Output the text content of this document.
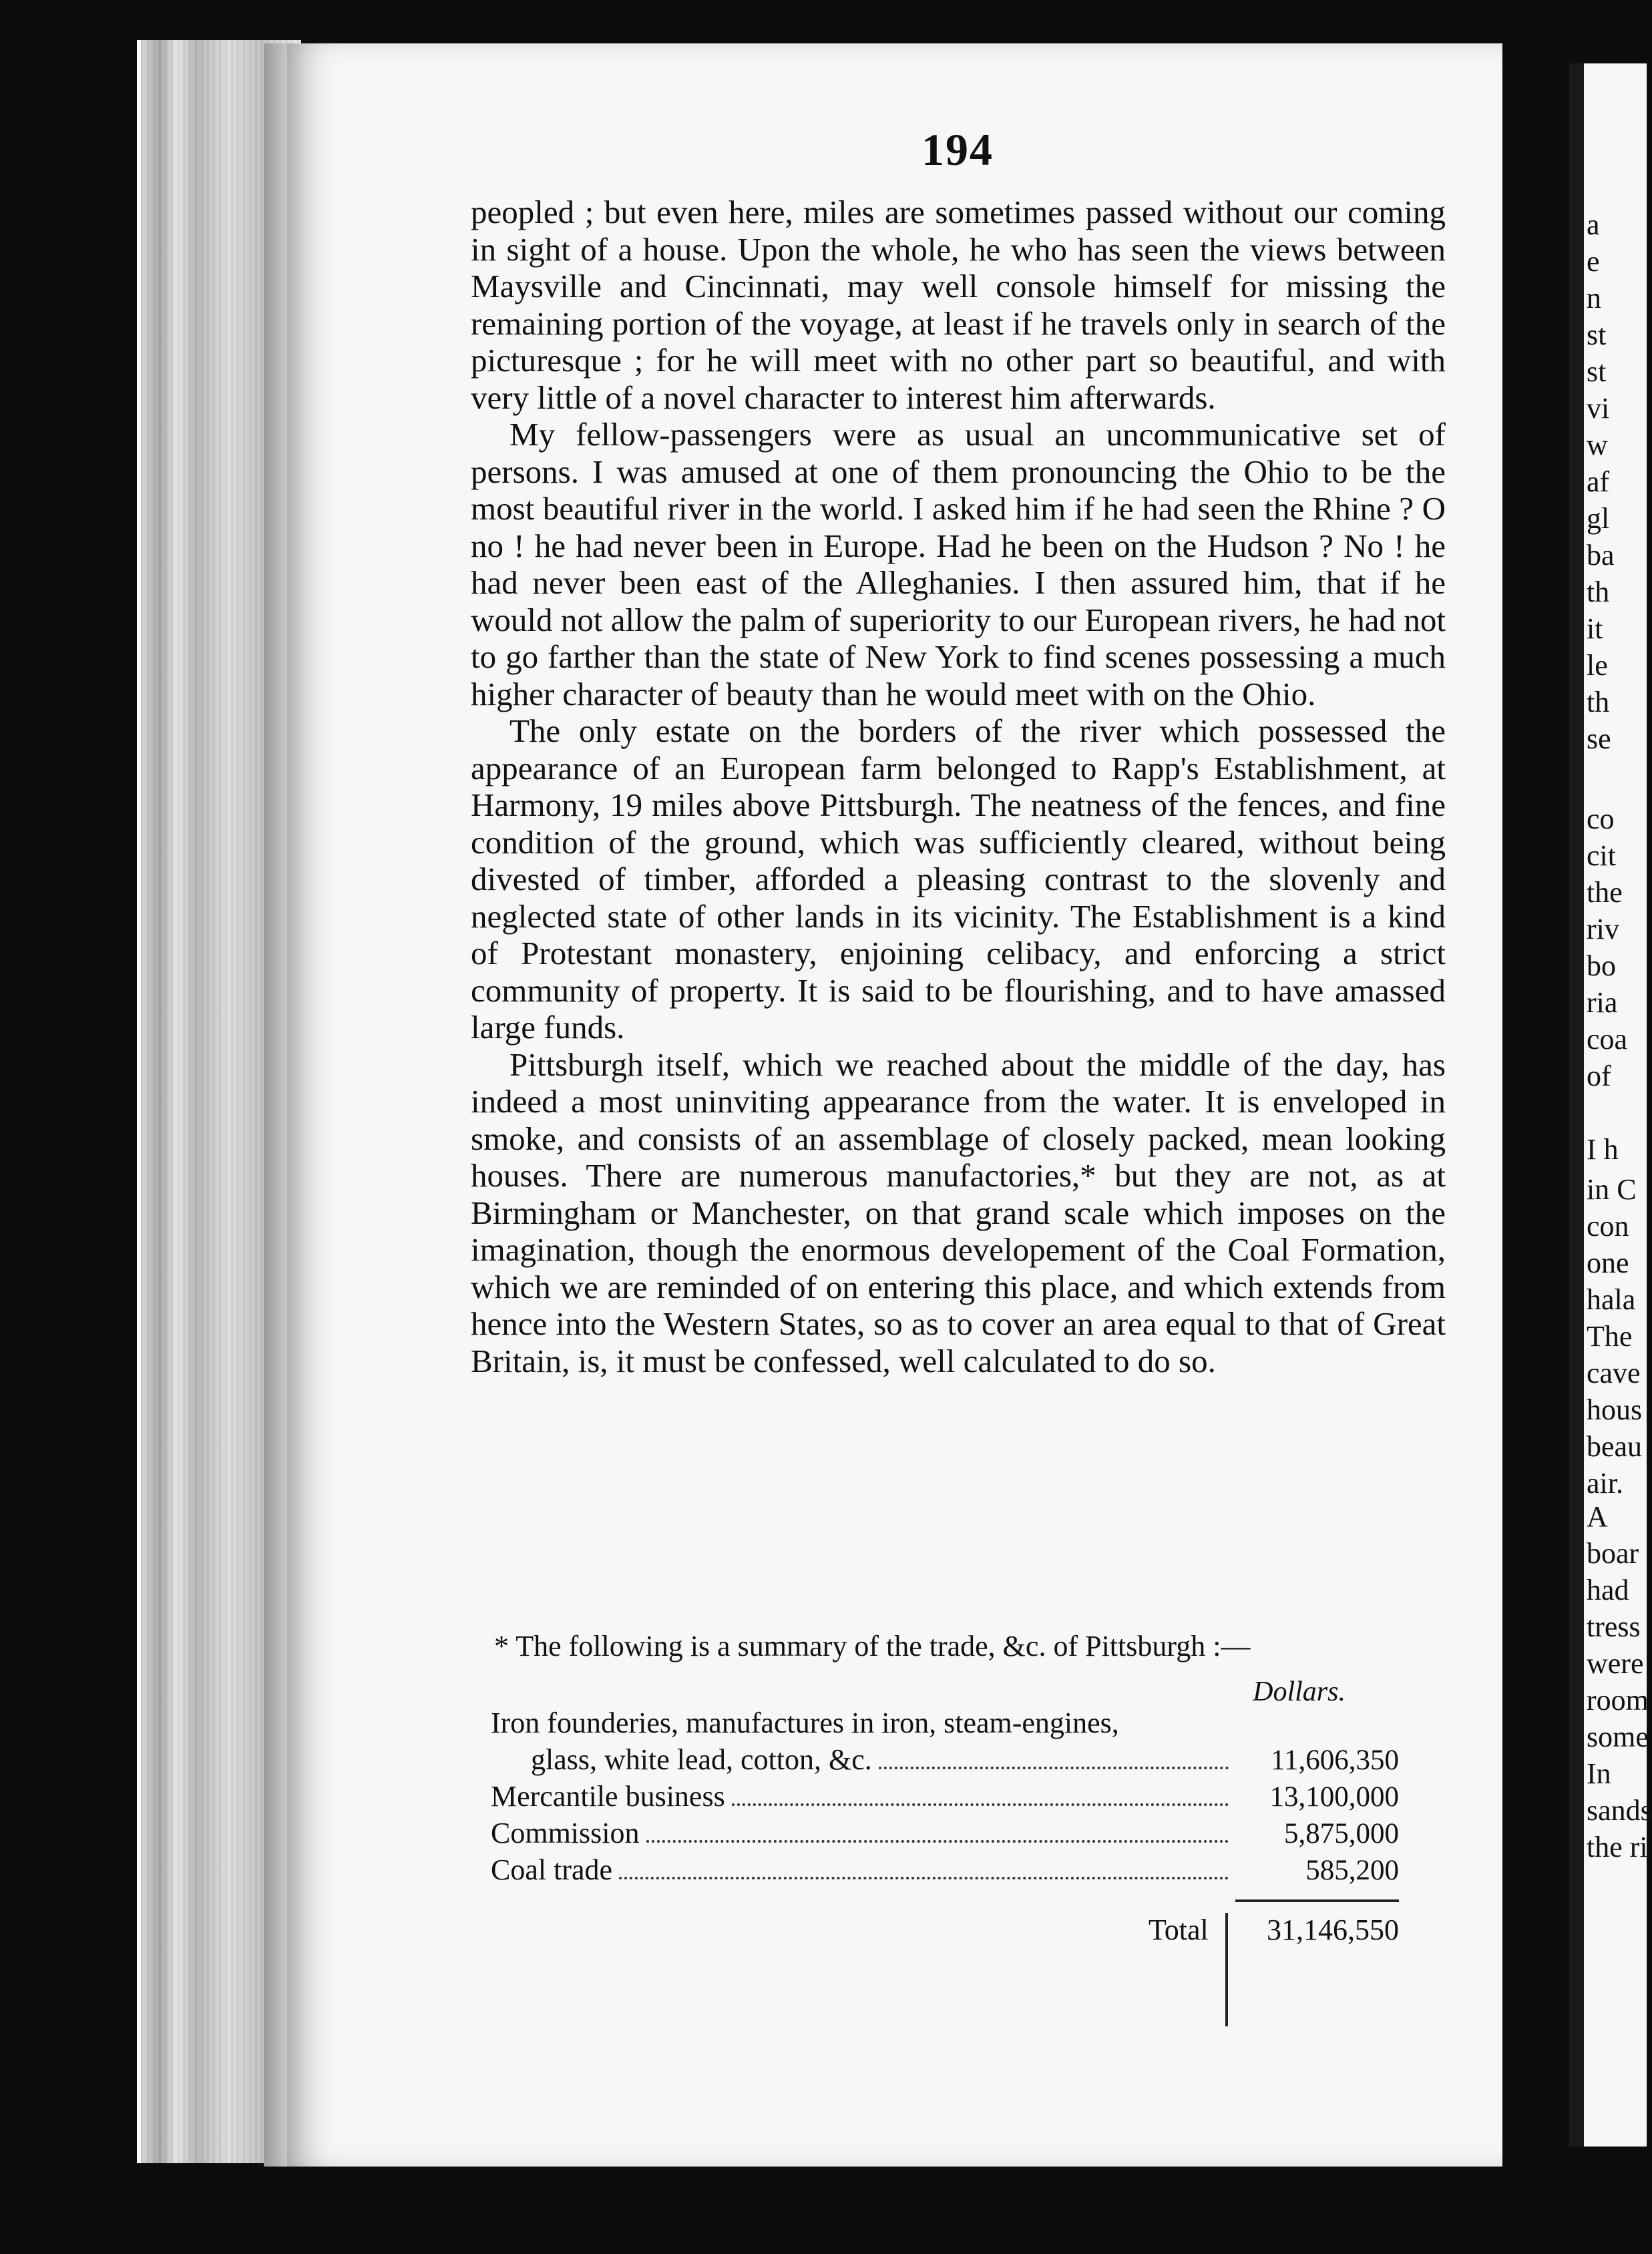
194

peopled ; but even here, miles are sometimes passed without our coming in sight of a house. Upon the whole, he who has seen the views between Maysville and Cincinnati, may well console himself for missing the remaining portion of the voyage, at least if he travels only in search of the picturesque ; for he will meet with no other part so beautiful, and with very little of a novel character to interest him afterwards.

My fellow-passengers were as usual an uncommunicative set of persons. I was amused at one of them pronouncing the Ohio to be the most beautiful river in the world. I asked him if he had seen the Rhine ? O no ! he had never been in Europe. Had he been on the Hudson ? No ! he had never been east of the Alleghanies. I then assured him, that if he would not allow the palm of superiority to our European rivers, he had not to go farther than the state of New York to find scenes possessing a much higher character of beauty than he would meet with on the Ohio.

The only estate on the borders of the river which possessed the appearance of an European farm belonged to Rapp's Establishment, at Harmony, 19 miles above Pittsburgh. The neatness of the fences, and fine condition of the ground, which was sufficiently cleared, without being divested of timber, afforded a pleasing contrast to the slovenly and neglected state of other lands in its vicinity. The Establishment is a kind of Protestant monastery, enjoining celibacy, and enforcing a strict community of property. It is said to be flourishing, and to have amassed large funds.

Pittsburgh itself, which we reached about the middle of the day, has indeed a most uninviting appearance from the water. It is enveloped in smoke, and consists of an assemblage of closely packed, mean looking houses. There are numerous manufactories,* but they are not, as at Birmingham or Manchester, on that grand scale which imposes on the imagination, though the enormous developement of the Coal Formation, which we are reminded of on entering this place, and which extends from hence into the Western States, so as to cover an area equal to that of Great Britain, is, it must be confessed, well calculated to do so.

* The following is a summary of the trade, &c. of Pittsburgh :—
Dollars.
Iron founderies, manufactures in iron, steam-engines,
glass, white lead, cotton, &c.	11,606,350
Mercantile business	13,100,000
Commission	5,875,000
Coal trade	585,200
Total	31,146,550
a
e
n
st
st
vi
w
af
gl
ba
th
it
le
th
se
co
cit
the
riv
bo
ria
coa
of
I h
in C
con
one
hala
The
cave
hous
beau
air.
A
boar
had
tress
were
room
some
In
sands
the ri
